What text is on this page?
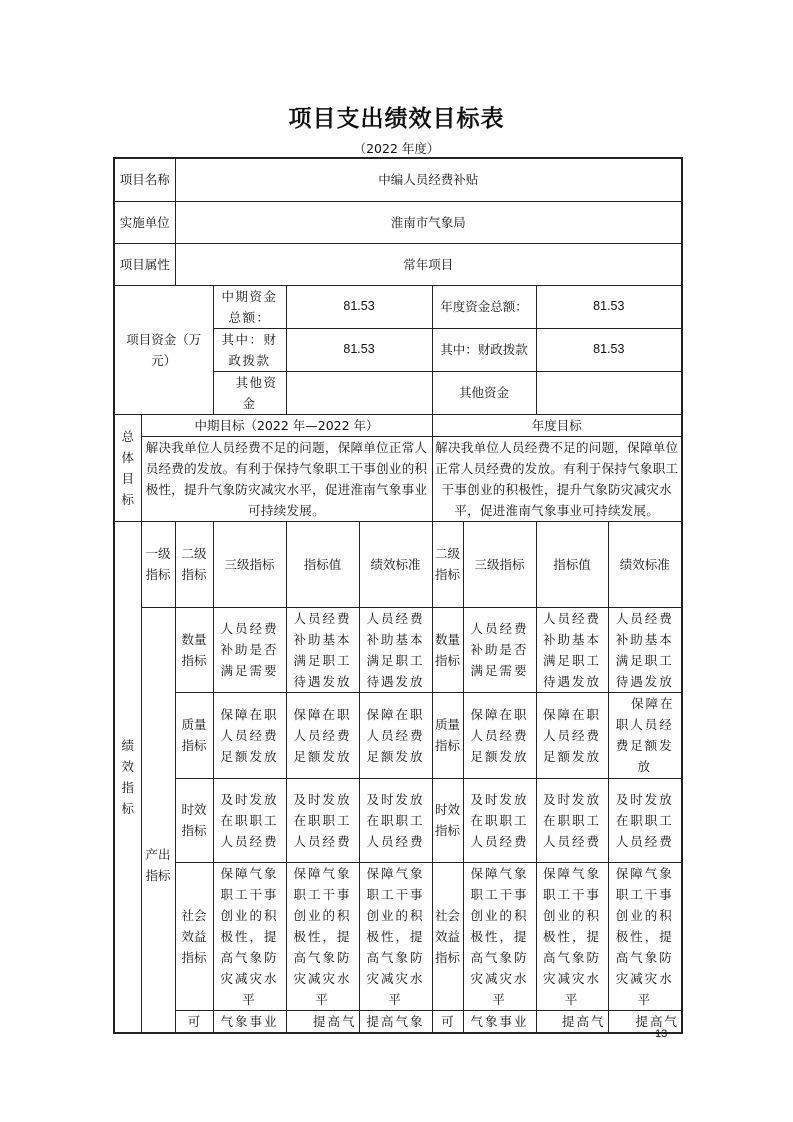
项目支出绩效目标表
（2022 年度）
项目名称		中编人员经费补贴							
实施单位		淮南市气象局							
项目属性		常年项目							
项目资金（万元）			中期资金总额：	81.53		年度资金总额：		81.53	
			其中：财政拨款	81.53		其中：财政拨款		81.53	
			其他资金			其他资金			
总体目标	中期目标（2022 年—2022 年）					年度目标			
	解决我单位人员经费不足的问题，保障单位正常人员经费的发放。有利于保持气象职工干事创业的积极性，提升气象防灾减灾水平，促进淮南气象事业可持续发展。					解决我单位人员经费不足的问题，保障单位正常人员经费的发放。有利于保持气象职工干事创业的积极性，提升气象防灾减灾水平，促进淮南气象事业可持续发展。			
绩效指标	一级指标	二级指标	三级指标	指标值	绩效标准	二级指标	三级指标	指标值	绩效标准

	产出指标	数量指标	人员经费补助是否满足需要	人员经费补助基本满足职工待遇发放	人员经费补助基本满足职工待遇发放	数量指标	人员经费补助是否满足需要	人员经费补助基本满足职工待遇发放	人员经费补助基本满足职工待遇发放
		质量指标	保障在职人员经费足额发放	保障在职人员经费足额发放	保障在职人员经费足额发放	质量指标	保障在职人员经费足额发放	保障在职人员经费足额发放	保障在职人员经费足额发放
		时效指标	及时发放在职职工人员经费	及时发放在职职工人员经费	及时发放在职职工人员经费	时效指标	及时发放在职职工人员经费	及时发放在职职工人员经费	及时发放在职职工人员经费
		社会效益指标	保障气象职工干事创业的积极性，提高气象防灾减灾水平	保障气象职工干事创业的积极性，提高气象防灾减灾水平	保障气象职工干事创业的积极性，提高气象防灾减灾水平	社会效益指标	保障气象职工干事创业的积极性，提高气象防灾减灾水平	保障气象职工干事创业的积极性，提高气象防灾减灾水平	保障气象职工干事创业的积极性，提高气象防灾减灾水平
		可	气象事业	提高气	提高气象	可	气象事业	提高气	提高气
13
